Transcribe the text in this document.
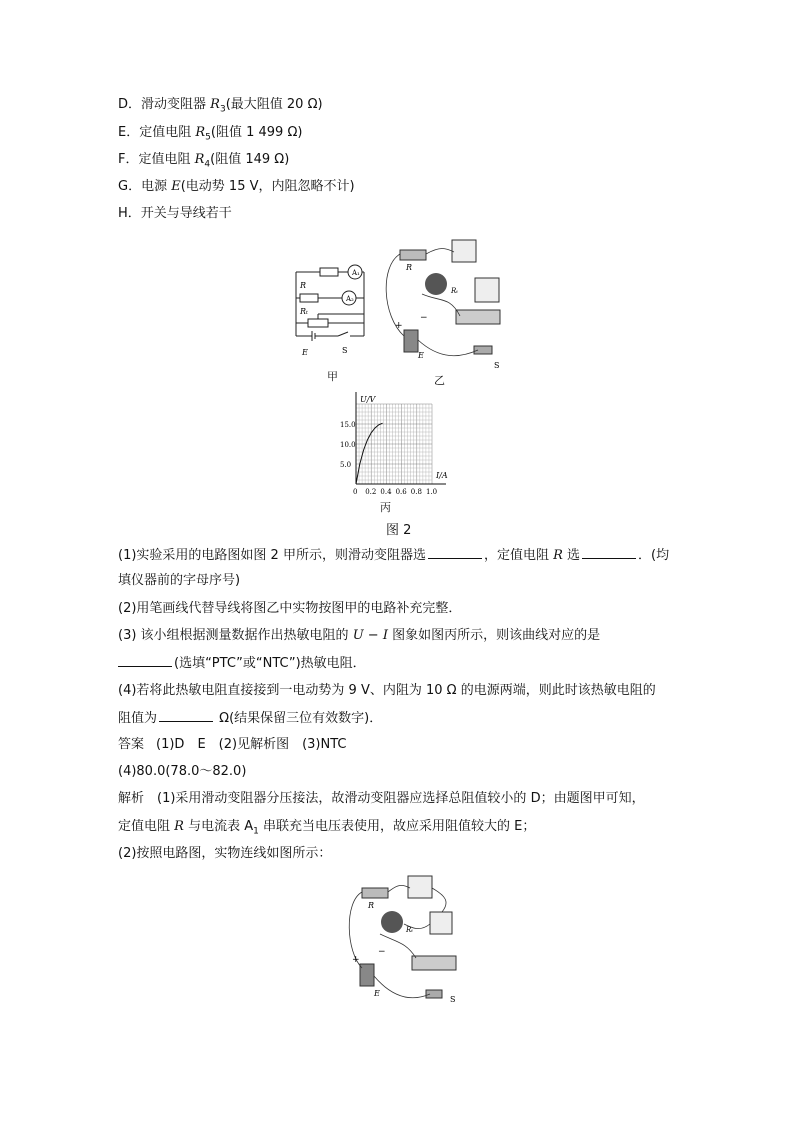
D．滑动变阻器 $R_3$(最大阻值 20 Ω)
E．定值电阻 $R_5$(阻值 1 499 Ω)
F．定值电阻 $R_4$(阻值 149 Ω)
G．电源 E(电动势 15 V，内阻忽略不计)
H．开关与导线若干
A₁
A₂
R
Rₜ
E	S
甲
R
Rₜ
+
−
E
S
乙
0 0.2 0.4 0.6 0.8 1.0
5.0
10.0
15.0
U/V
I/A
丙
图 2
(1)实验采用的电路图如图 2 甲所示，则滑动变阻器选	，定值电阻 R 选	．(均
填仪器前的字母序号)
(2)用笔画线代替导线将图乙中实物按图甲的电路补充完整．
(3) 该小组根据测量数据作出热敏电阻的 U − I 图象如图丙所示，则该曲线对应的是
(选填“PTC”或“NTC”)热敏电阻．
(4)若将此热敏电阻直接接到一电动势为 9 V、内阻为 10 Ω 的电源两端，则此时该热敏电阻的
阻值为	Ω(结果保留三位有效数字)．
答案 (1)D　E　(2)见解析图　(3)NTC
(4)80.0(78.0～82.0)
解析　(1)采用滑动变阻器分压接法，故滑动变阻器应选择总阻值较小的 D；由题图甲可知，
定值电阻 R 与电流表 $A_1$ 串联充当电压表使用，故应采用阻值较大的 E；
(2)按照电路图，实物连线如图所示：
R
Rₜ
+
−
E
S
